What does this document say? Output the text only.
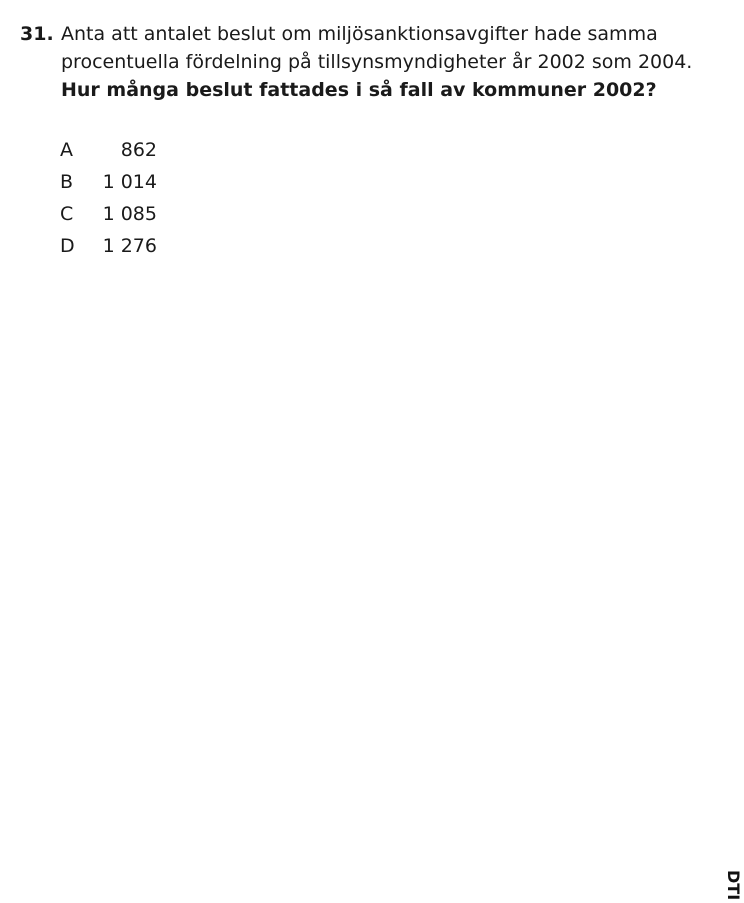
31. Anta att antalet beslut om miljösanktionsavgifter hade samma
procentuella fördelning på tillsynsmyndigheter år 2002 som 2004.
Hur många beslut fattades i så fall av kommuner 2002?
A	862
B 1 014
C 1 085
D 1 276
DTI
